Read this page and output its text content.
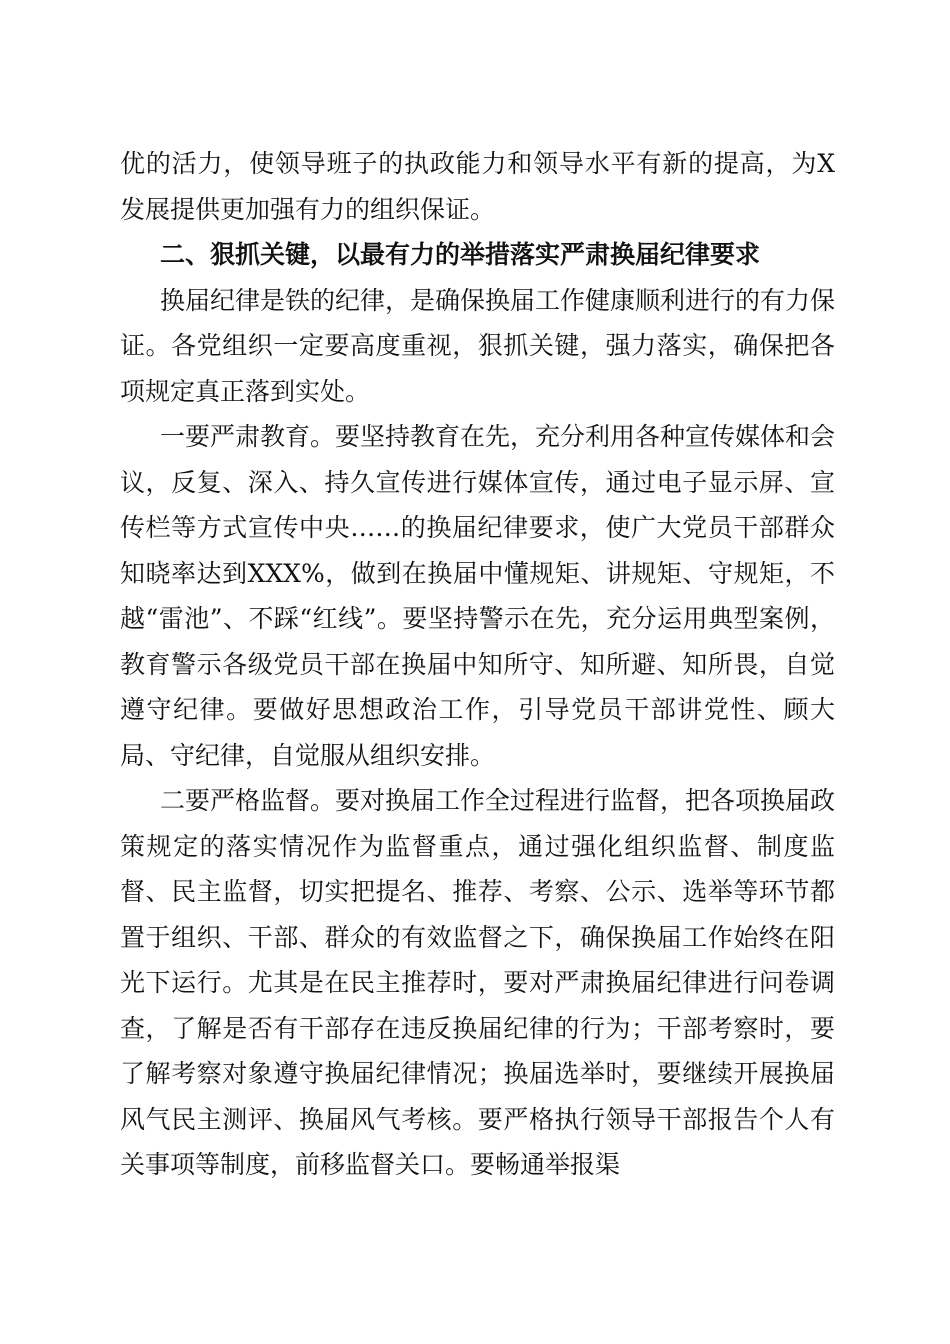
优的活力，使领导班子的执政能力和领导水平有新的提高，为X发展提供更加强有力的组织保证。

二、狠抓关键，以最有力的举措落实严肃换届纪律要求

换届纪律是铁的纪律，是确保换届工作健康顺利进行的有力保证。各党组织一定要高度重视，狠抓关键，强力落实，确保把各项规定真正落到实处。

一要严肃教育。要坚持教育在先，充分利用各种宣传媒体和会议，反复、深入、持久宣传进行媒体宣传，通过电子显示屏、宣传栏等方式宣传中央……的换届纪律要求，使广大党员干部群众知晓率达到XXX%，做到在换届中懂规矩、讲规矩、守规矩，不越“雷池”、不踩“红线”。要坚持警示在先，充分运用典型案例，教育警示各级党员干部在换届中知所守、知所避、知所畏，自觉遵守纪律。要做好思想政治工作，引导党员干部讲党性、顾大局、守纪律，自觉服从组织安排。

二要严格监督。要对换届工作全过程进行监督，把各项换届政策规定的落实情况作为监督重点，通过强化组织监督、制度监督、民主监督，切实把提名、推荐、考察、公示、选举等环节都置于组织、干部、群众的有效监督之下，确保换届工作始终在阳光下运行。尤其是在民主推荐时，要对严肃换届纪律进行问卷调查，了解是否有干部存在违反换届纪律的行为；干部考察时，要了解考察对象遵守换届纪律情况；换届选举时，要继续开展换届风气民主测评、换届风气考核。要严格执行领导干部报告个人有关事项等制度，前移监督关口。要畅通举报渠
